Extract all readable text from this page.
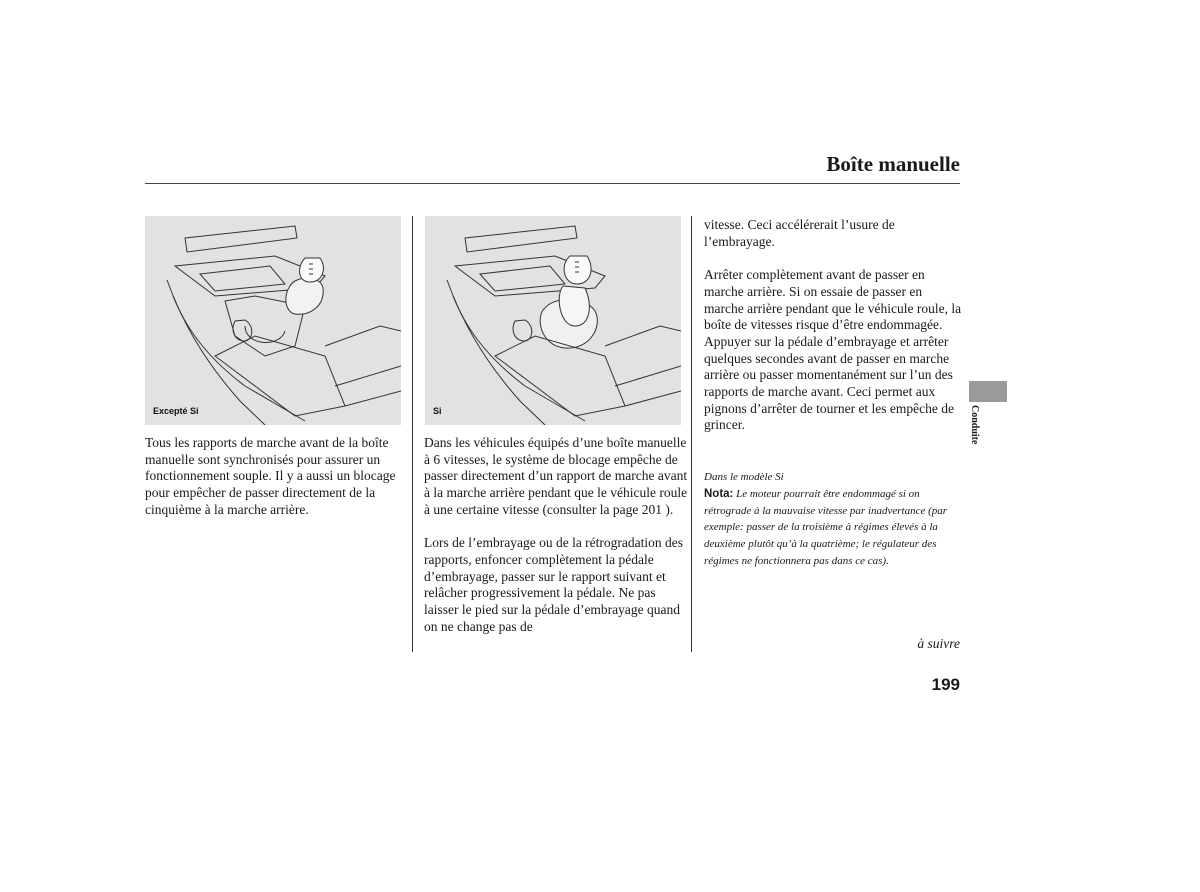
Boîte manuelle
Excepté Si	Si

Tous les rapports de marche avant de la boîte manuelle sont synchronisés pour assurer un fonctionnement souple. Il y a aussi un blocage pour empêcher de passer directement de la cinquième à la marche arrière.

Dans les véhicules équipés d’une boîte manuelle à 6 vitesses, le système de blocage empêche de passer directement d’un rapport de marche avant à la marche arrière pendant que le véhicule roule à une certaine vitesse (consulter la page 201 ).

Lors de l’embrayage ou de la rétrogradation des rapports, enfoncer complètement la pédale d’embrayage, passer sur le rapport suivant et relâcher progressivement la pédale. Ne pas laisser le pied sur la pédale d’embrayage quand on ne change pas de

vitesse. Ceci accélérerait l’usure de l’embrayage.

Arrêter complètement avant de passer en marche arrière. Si on essaie de passer en marche arrière pendant que le véhicule roule, la boîte de vitesses risque d’être endommagée. Appuyer sur la pédale d’embrayage et arrêter quelques secondes avant de passer en marche arrière ou passer momentanément sur l’un des rapports de marche avant. Ceci permet aux pignons d’arrêter de tourner et les empêche de grincer.

Dans le modèle Si
Nota: Le moteur pourrait être endommagé si on rétrograde à la mauvaise vitesse par inadvertance (par exemple: passer de la troisième à régimes élevés à la deuxième plutôt qu’à la quatrième; le régulateur des régimes ne fonctionnera pas dans ce cas).
à suivre
Conduite
199
